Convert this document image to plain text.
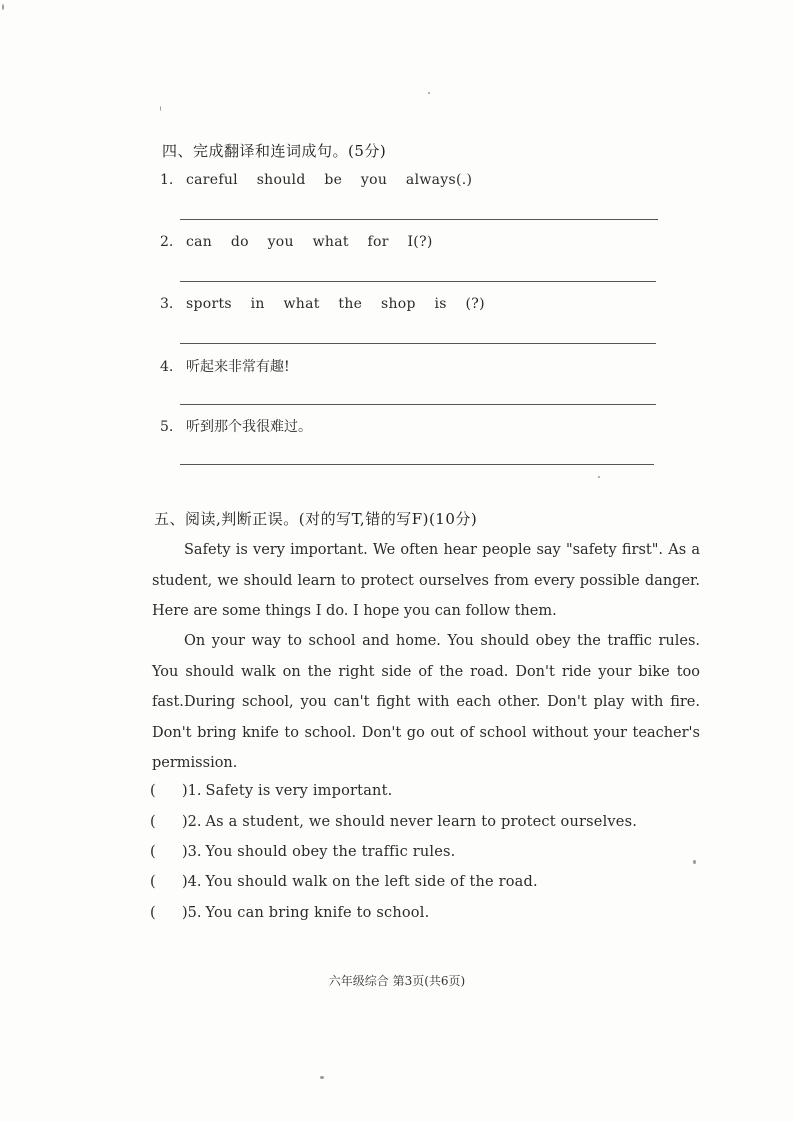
四、完成翻译和连词成句。(5分)
1. careful should be you always(.)
2. can do you what for I(?)
3. sports in what the shop is (?)
4. 听起来非常有趣!
5. 听到那个我很难过。
五、阅读,判断正误。(对的写T,错的写F)(10分)

Safety is very important. We often hear people say "safety first". As a student, we should learn to protect ourselves from every possible danger. Here are some things I do. I hope you can follow them.

On your way to school and home. You should obey the traffic rules. You should walk on the right side of the road. Don't ride your bike too fast. During school, you can't fight with each other. Don't play with fire. Don't bring knife to school. Don't go out of school without your teacher's permission.

( )1. Safety is very important.
( )2. As a student, we should never learn to protect ourselves.
( )3. You should obey the traffic rules.
( )4. You should walk on the left side of the road.
( )5. You can bring knife to school.
六年级综合 第3页(共6页)
